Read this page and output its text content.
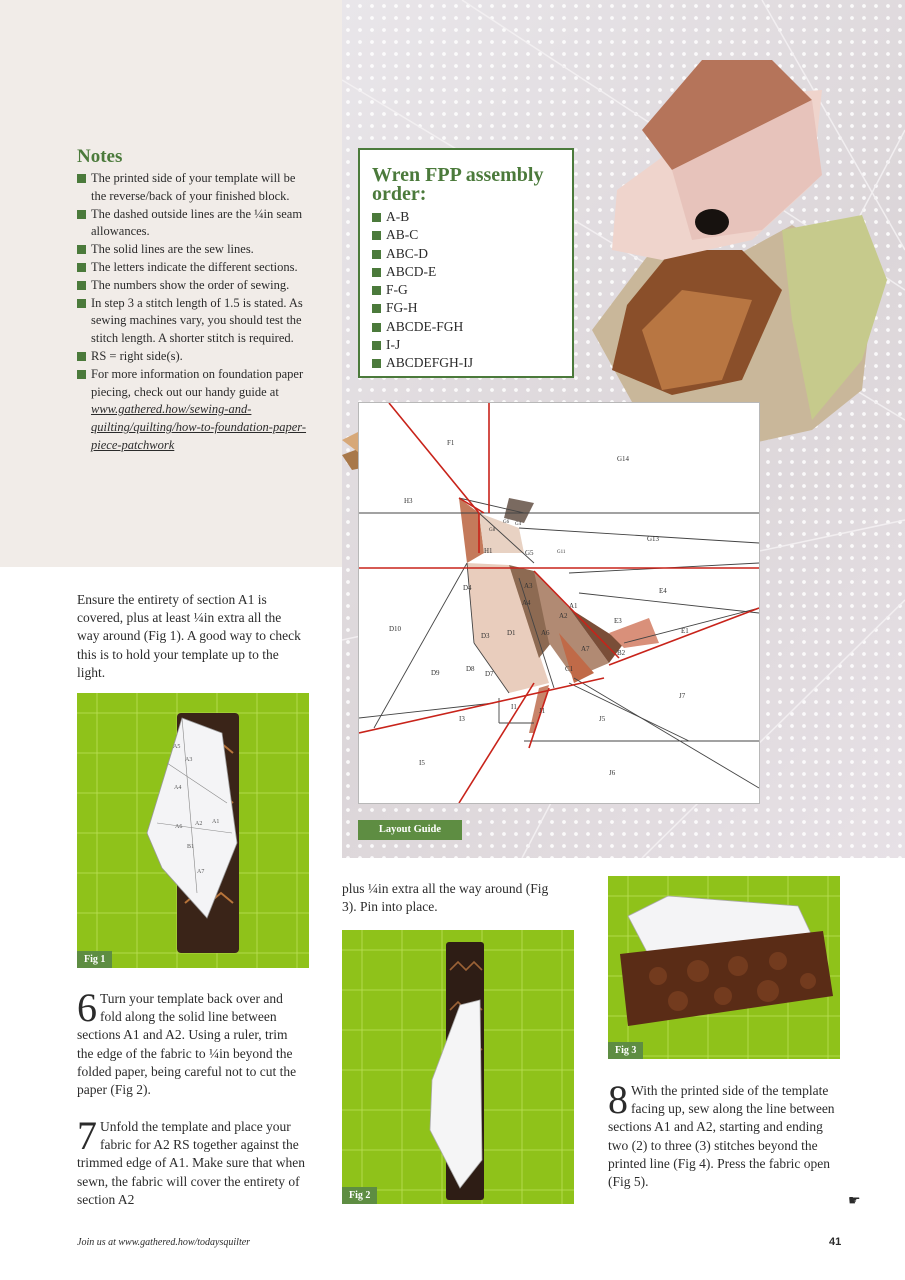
Notes
The printed side of your template will be the reverse/back of your finished block.
The dashed outside lines are the ¼in seam allowances.
The solid lines are the sew lines.
The letters indicate the different sections.
The numbers show the order of sewing.
In step 3 a stitch length of 1.5 is stated. As sewing machines vary, you should test the stitch length. A shorter stitch is required.
RS = right side(s).
For more information on foundation paper piecing, check out our handy guide at www.gathered.how/sewing-and-quilting/quilting/how-to-foundation-paper-piece-patchwork
Wren FPP assembly order:
A-B
AB-C
ABC-D
ABCD-E
F-G
FG-H
ABCDE-FGH
I-J
ABCDEFGH-IJ
F1
G14
H3
G13
G8
G4
G6
H1	G5	G11
D4	A3
E4
A4	A1
D10
A2
E3
E1
D3 D1	A6
A7	B2
D9	D8
D7
C1
J7
I1	J1
I3	J5
I5
J6
Layout Guide

Ensure the entirety of section A1 is covered, plus at least ¼in extra all the way around (Fig 1). A good way to check this is to hold your template up to the light.

A5
A3
A4
A1
A2
A6
B1
A7
Fig 1

6 Turn your template back over and fold along the solid line between sections A1 and A2. Using a ruler, trim the edge of the fabric to ¼in beyond the folded paper, being careful not to cut the paper (Fig 2).

7 Unfold the template and place your fabric for A2 RS together against the trimmed edge of A1. Make sure that when sewn, the fabric will cover the entirety of section A2

plus ¼in extra all the way around (Fig 3). Pin into place.

Fig 2
Fig 3

8 With the printed side of the template facing up, sew along the line between sections A1 and A2, starting and ending two (2) to three (3) stitches beyond the printed line (Fig 4). Press the fabric open (Fig 5).

☛
Join us at www.gathered.how/todaysquilter	41
